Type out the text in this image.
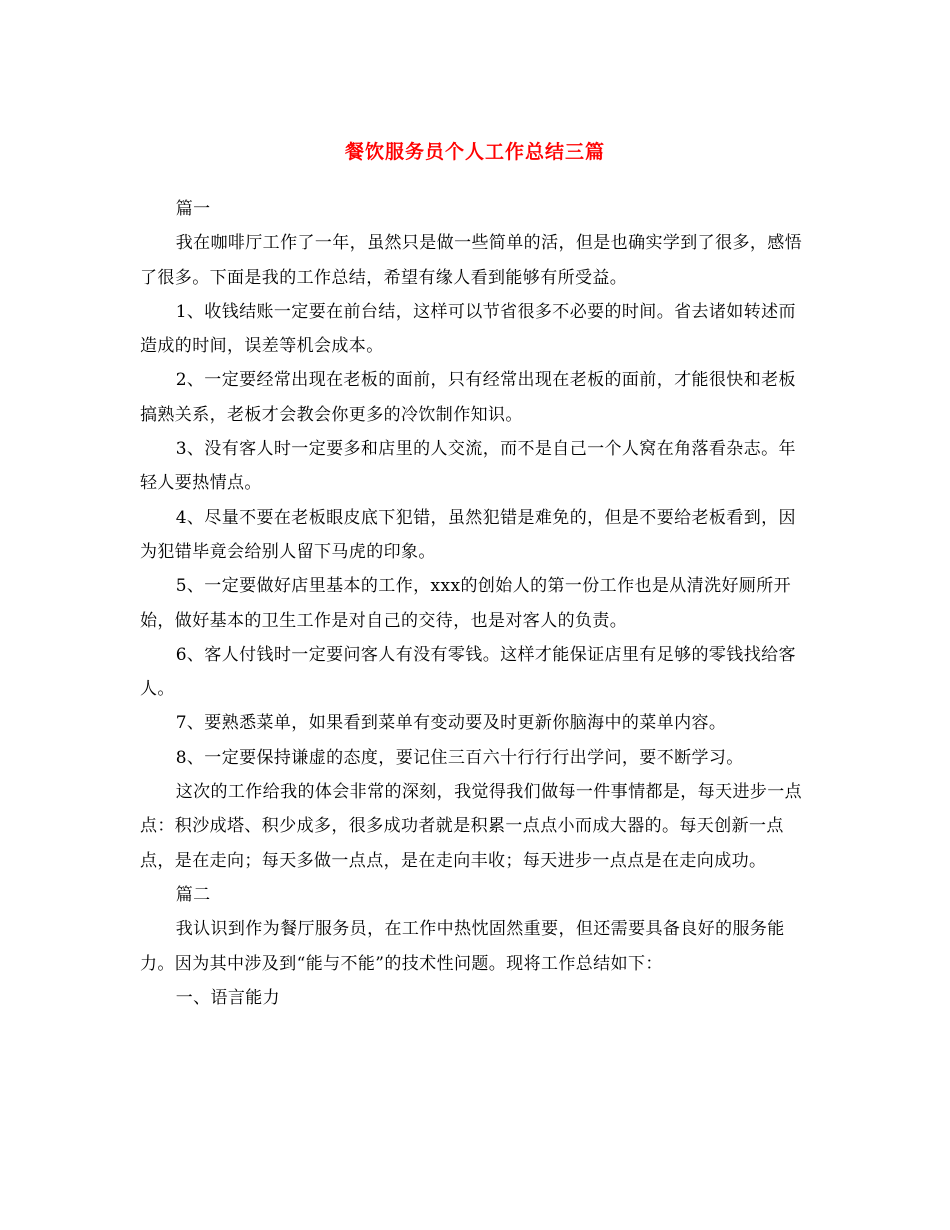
餐饮服务员个人工作总结三篇

篇一

我在咖啡厅工作了一年，虽然只是做一些简单的活，但是也确实学到了很多，感悟了很多。下面是我的工作总结，希望有缘人看到能够有所受益。

1、收钱结账一定要在前台结，这样可以节省很多不必要的时间。省去诸如转述而造成的时间，误差等机会成本。

2、一定要经常出现在老板的面前，只有经常出现在老板的面前，才能很快和老板搞熟关系，老板才会教会你更多的冷饮制作知识。

3、没有客人时一定要多和店里的人交流，而不是自己一个人窝在角落看杂志。年轻人要热情点。

4、尽量不要在老板眼皮底下犯错，虽然犯错是难免的，但是不要给老板看到，因为犯错毕竟会给别人留下马虎的印象。

5、一定要做好店里基本的工作，xxx的创始人的第一份工作也是从清洗好厕所开始，做好基本的卫生工作是对自己的交待，也是对客人的负责。

6、客人付钱时一定要问客人有没有零钱。这样才能保证店里有足够的零钱找给客人。

7、要熟悉菜单，如果看到菜单有变动要及时更新你脑海中的菜单内容。

8、一定要保持谦虚的态度，要记住三百六十行行行出学问，要不断学习。

这次的工作给我的体会非常的深刻，我觉得我们做每一件事情都是，每天进步一点点：积沙成塔、积少成多，很多成功者就是积累一点点小而成大器的。每天创新一点点，是在走向；每天多做一点点，是在走向丰收；每天进步一点点是在走向成功。

篇二

我认识到作为餐厅服务员，在工作中热忱固然重要，但还需要具备良好的服务能力。因为其中涉及到“能与不能”的技术性问题。现将工作总结如下：

一、语言能力
